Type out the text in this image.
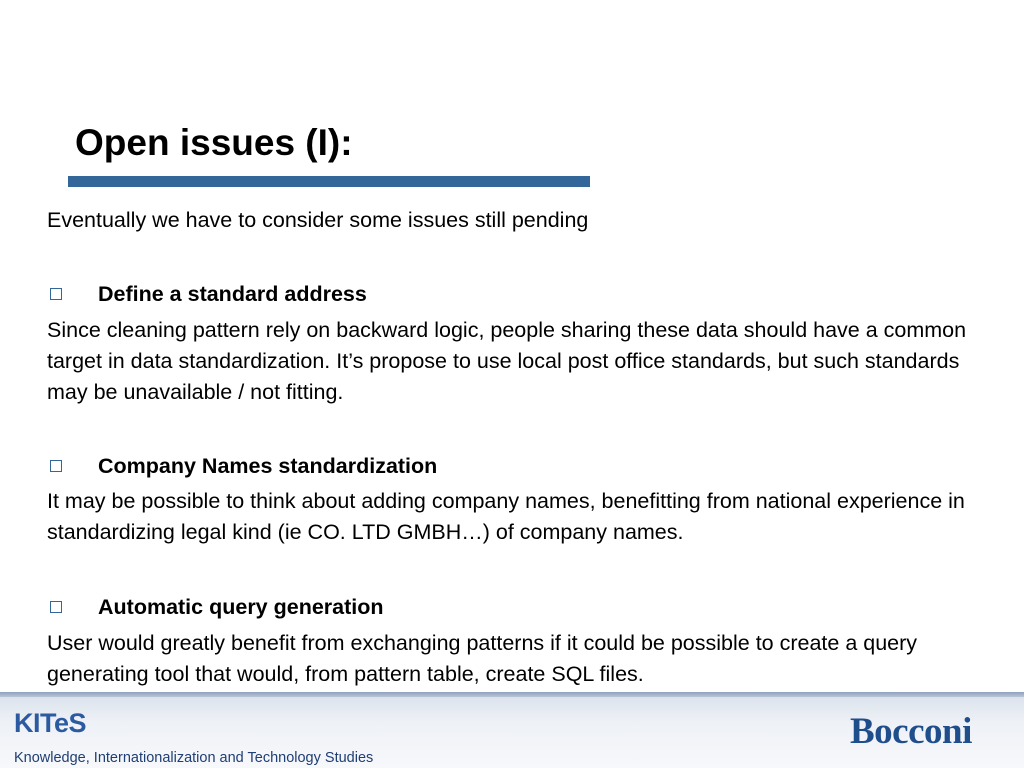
Open issues (I):
Eventually we have to consider some issues still pending
Define a standard address
Since cleaning pattern rely on backward logic, people sharing these data should have a common target in data standardization. It’s propose to use local post office standards, but such standards may be unavailable / not fitting.
Company Names standardization
It may be possible to think about adding company names, benefitting from national experience in standardizing legal kind (ie CO. LTD GMBH…) of company names.
Automatic query generation
User would greatly benefit from exchanging patterns if it could be possible to create a query generating tool that would, from pattern table, create SQL files.
KITeS
Knowledge, Internationalization and Technology Studies
Bocconi
